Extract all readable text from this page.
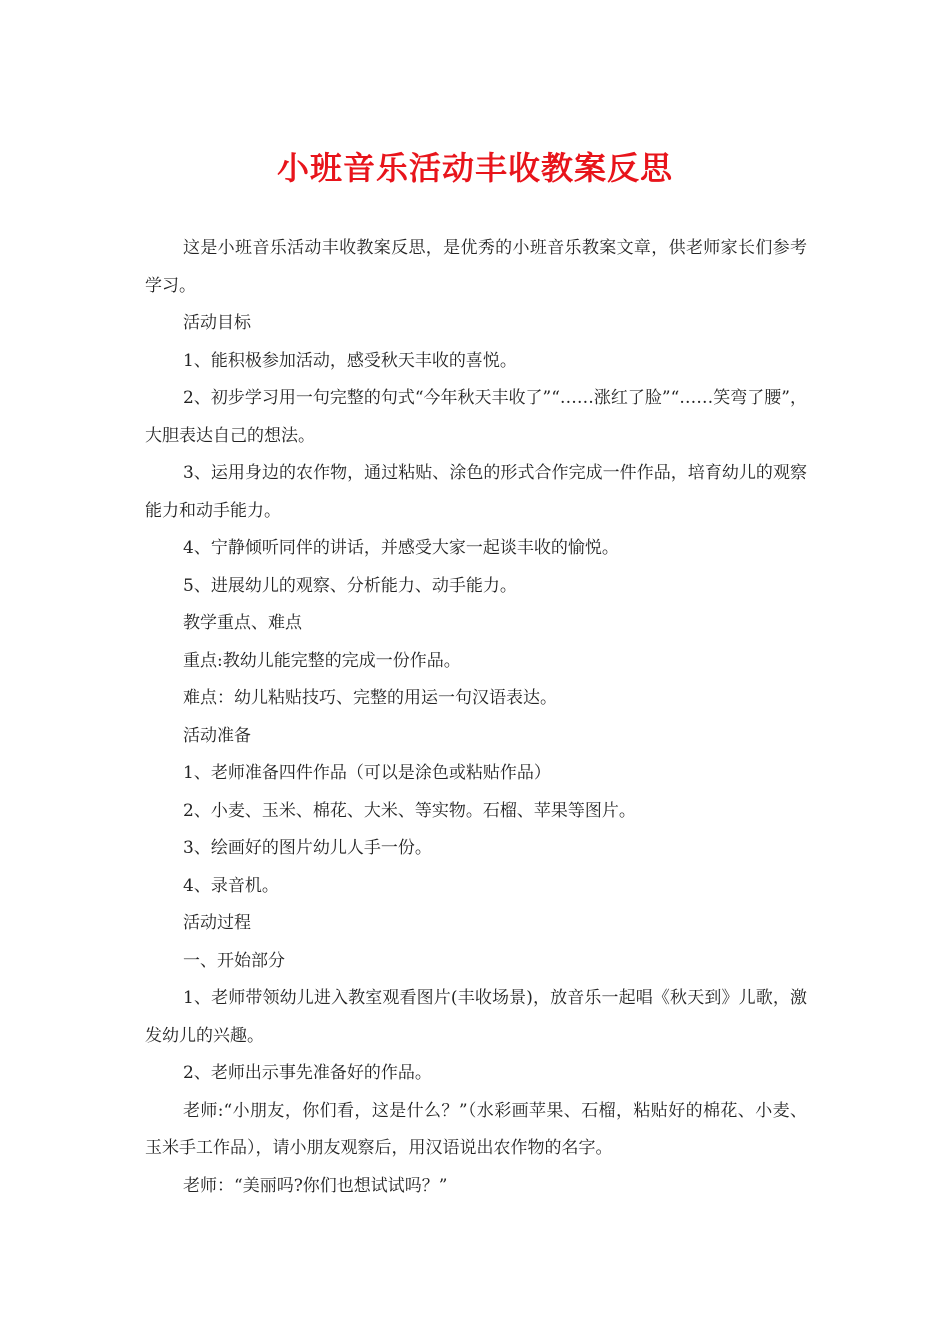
小班音乐活动丰收教案反思

这是小班音乐活动丰收教案反思，是优秀的小班音乐教案文章，供老师家长们参考学习。

活动目标

1、能积极参加活动，感受秋天丰收的喜悦。

2、初步学习用一句完整的句式“今年秋天丰收了”“……涨红了脸”“……笑弯了腰”，大胆表达自己的想法。

3、运用身边的农作物，通过粘贴、涂色的形式合作完成一件作品，培育幼儿的观察能力和动手能力。

4、宁静倾听同伴的讲话，并感受大家一起谈丰收的愉悦。

5、进展幼儿的观察、分析能力、动手能力。

教学重点、难点

重点:教幼儿能完整的完成一份作品。

难点：幼儿粘贴技巧、完整的用运一句汉语表达。

活动准备

1、老师准备四件作品（可以是涂色或粘贴作品）

2、小麦、玉米、棉花、大米、等实物。石榴、苹果等图片。

3、绘画好的图片幼儿人手一份。

4、录音机。

活动过程

一、开始部分

1、老师带领幼儿进入教室观看图片(丰收场景)，放音乐一起唱《秋天到》儿歌，激发幼儿的兴趣。

2、老师出示事先准备好的作品。

老师:“小朋友，你们看，这是什么？”（水彩画苹果、石榴，粘贴好的棉花、小麦、玉米手工作品），请小朋友观察后，用汉语说出农作物的名字。

老师：“美丽吗?你们也想试试吗？”
